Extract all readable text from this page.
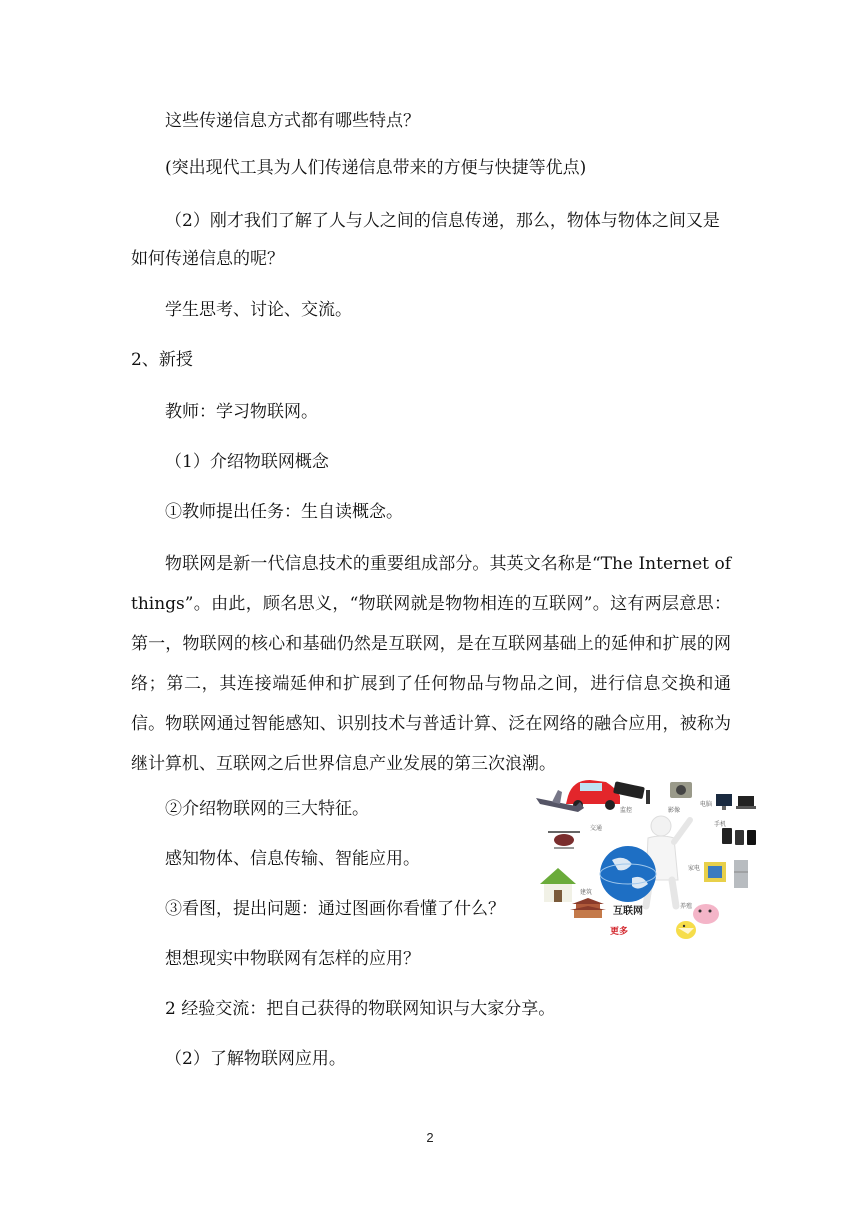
这些传递信息方式都有哪些特点？
(突出现代工具为人们传递信息带来的方便与快捷等优点)
（2）刚才我们了解了人与人之间的信息传递，那么，物体与物体之间又是
如何传递信息的呢？
学生思考、讨论、交流。
2、新授
教师：学习物联网。
（1）介绍物联网概念
①教师提出任务：生自读概念。
物联网是新一代信息技术的重要组成部分。其英文名称是“The Internet of things”。由此，顾名思义，“物联网就是物物相连的互联网”。这有两层意思：第一，物联网的核心和基础仍然是互联网，是在互联网基础上的延伸和扩展的网络；第二，其连接端延伸和扩展到了任何物品与物品之间，进行信息交换和通信。物联网通过智能感知、识别技术与普适计算、泛在网络的融合应用，被称为继计算机、互联网之后世界信息产业发展的第三次浪潮。
②介绍物联网的三大特征。
感知物体、信息传输、智能应用。
③看图，提出问题：通过图画你看懂了什么？
想想现实中物联网有怎样的应用？
2 经验交流：把自己获得的物联网知识与大家分享。
（2）了解物联网应用。
交通
监控	影像
电脑
手机
家电
互联网
建筑
更多
养殖
2
